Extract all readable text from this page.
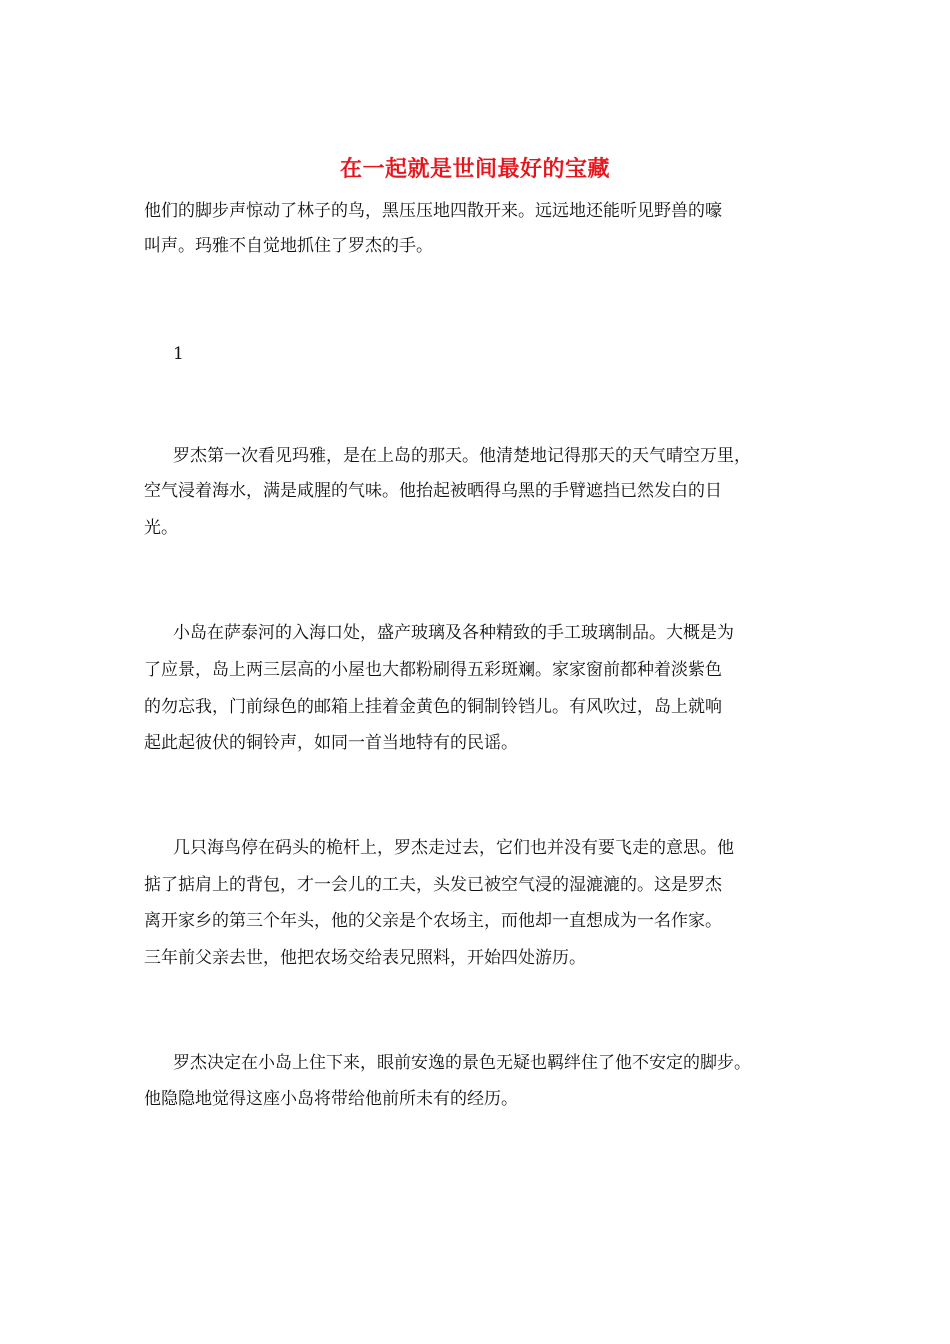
在一起就是世间最好的宝藏
他们的脚步声惊动了林子的鸟，黑压压地四散开来。远远地还能听见野兽的嚎
叫声。玛雅不自觉地抓住了罗杰的手。
1
罗杰第一次看见玛雅，是在上岛的那天。他清楚地记得那天的天气晴空万里，
空气浸着海水，满是咸腥的气味。他抬起被晒得乌黑的手臂遮挡已然发白的日
光。
小岛在萨泰河的入海口处，盛产玻璃及各种精致的手工玻璃制品。大概是为
了应景，岛上两三层高的小屋也大都粉刷得五彩斑斓。家家窗前都种着淡紫色
的勿忘我，门前绿色的邮箱上挂着金黄色的铜制铃铛儿。有风吹过，岛上就响
起此起彼伏的铜铃声，如同一首当地特有的民谣。
几只海鸟停在码头的桅杆上，罗杰走过去，它们也并没有要飞走的意思。他
掂了掂肩上的背包，才一会儿的工夫，头发已被空气浸的湿漉漉的。这是罗杰
离开家乡的第三个年头，他的父亲是个农场主，而他却一直想成为一名作家。
三年前父亲去世，他把农场交给表兄照料，开始四处游历。
罗杰决定在小岛上住下来，眼前安逸的景色无疑也羁绊住了他不安定的脚步。
他隐隐地觉得这座小岛将带给他前所未有的经历。
